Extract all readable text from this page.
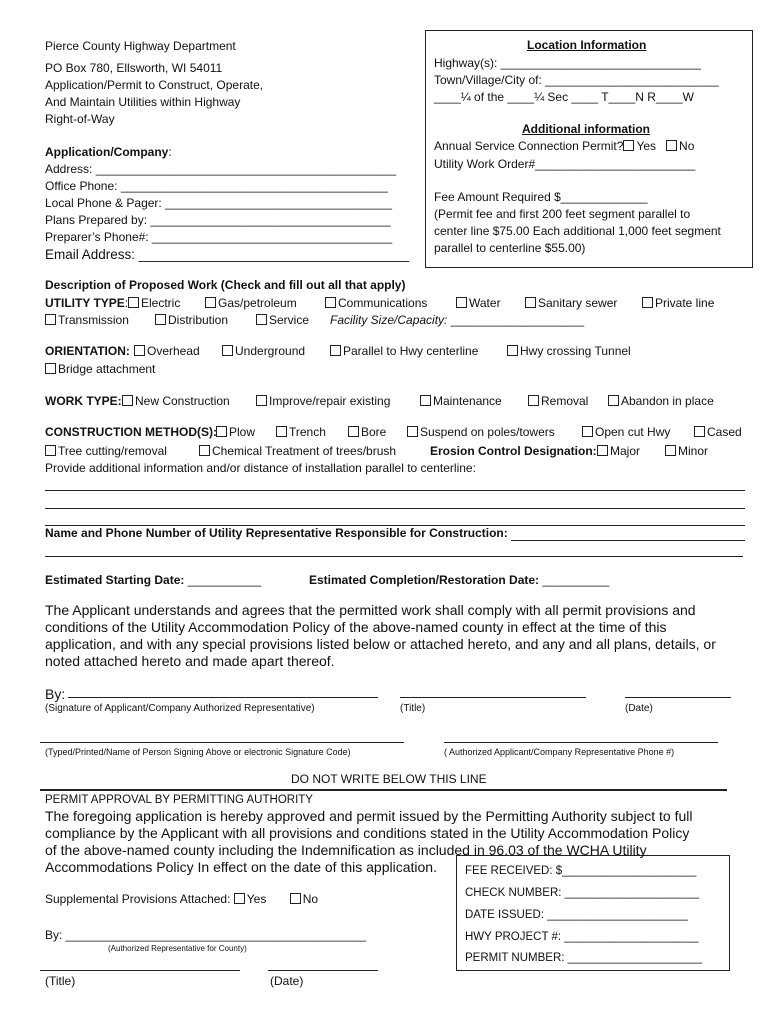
Pierce County Highway Department
PO Box 780, Ellsworth, WI 54011
Application/Permit to Construct, Operate,
And Maintain Utilities within Highway
Right-of-Way
Location Information
Highway(s): ______________________________
Town/Village/City of: __________________________
____¼ of the ____¼ Sec ____ T____N R____W
Additional information
Annual Service Connection Permit? Yes No
Utility Work Order#________________________
Fee Amount Required $_____________
(Permit fee and first 200 feet segment parallel to
center line $75.00 Each additional 1,000 feet segment
parallel to centerline $55.00)
Application/Company:
Address: _____________________________________________
Office Phone: ________________________________________
Local Phone & Pager: __________________________________
Plans Prepared by: ____________________________________
Preparer’s Phone#: ____________________________________
Email Address: ____________________________________
Description of Proposed Work (Check and fill out all that apply)
UTILITY TYPE:	Electric	Gas/petroleum	Communications	Water	Sanitary sewer	Private line
Transmission	Distribution	Service Facility Size/Capacity: ____________________
ORIENTATION:	Overhead	Underground	Parallel to Hwy centerline	Hwy crossing Tunnel
Bridge attachment
WORK TYPE:	New Construction	Improve/repair existing	Maintenance	Removal	Abandon in place
CONSTRUCTION METHOD(S):	Plow	Trench	Bore	Suspend on poles/towers	Open cut Hwy	Cased
Tree cutting/removal	Chemical Treatment of trees/brush	Erosion Control Designation:	Major	Minor
Provide additional information and/or distance of installation parallel to centerline:
Name and Phone Number of Utility Representative Responsible for Construction:
Estimated Starting Date: ___________	Estimated Completion/Restoration Date: __________
The Applicant understands and agrees that the permitted work shall comply with all permit provisions and
conditions of the Utility Accommodation Policy of the above-named county in effect at the time of this
application, and with any special provisions listed below or attached hereto, and any and all plans, details, or
noted attached hereto and made apart thereof.
By:
(Signature of Applicant/Company Authorized Representative)	(Title)	(Date)
(Typed/Printed/Name of Person Signing Above or electronic Signature Code)	( Authorized Applicant/Company Representative Phone #)
DO NOT WRITE BELOW THIS LINE
PERMIT APPROVAL BY PERMITTING AUTHORITY
The foregoing application is hereby approved and permit issued by the Permitting Authority subject to full
compliance by the Applicant with all provisions and conditions stated in the Utility Accommodation Policy
of the above-named county including the Indemnification as included in 96.03 of the WCHA Utility
Accommodations Policy In effect on the date of this application.
Supplemental Provisions Attached: Yes	No
By: _____________________________________________
(Authorized Representative for County)
(Title)	(Date)
FEE RECEIVED: $_____________________
CHECK NUMBER: _____________________
DATE ISSUED: ______________________
HWY PROJECT #: _____________________
PERMIT NUMBER: _____________________
